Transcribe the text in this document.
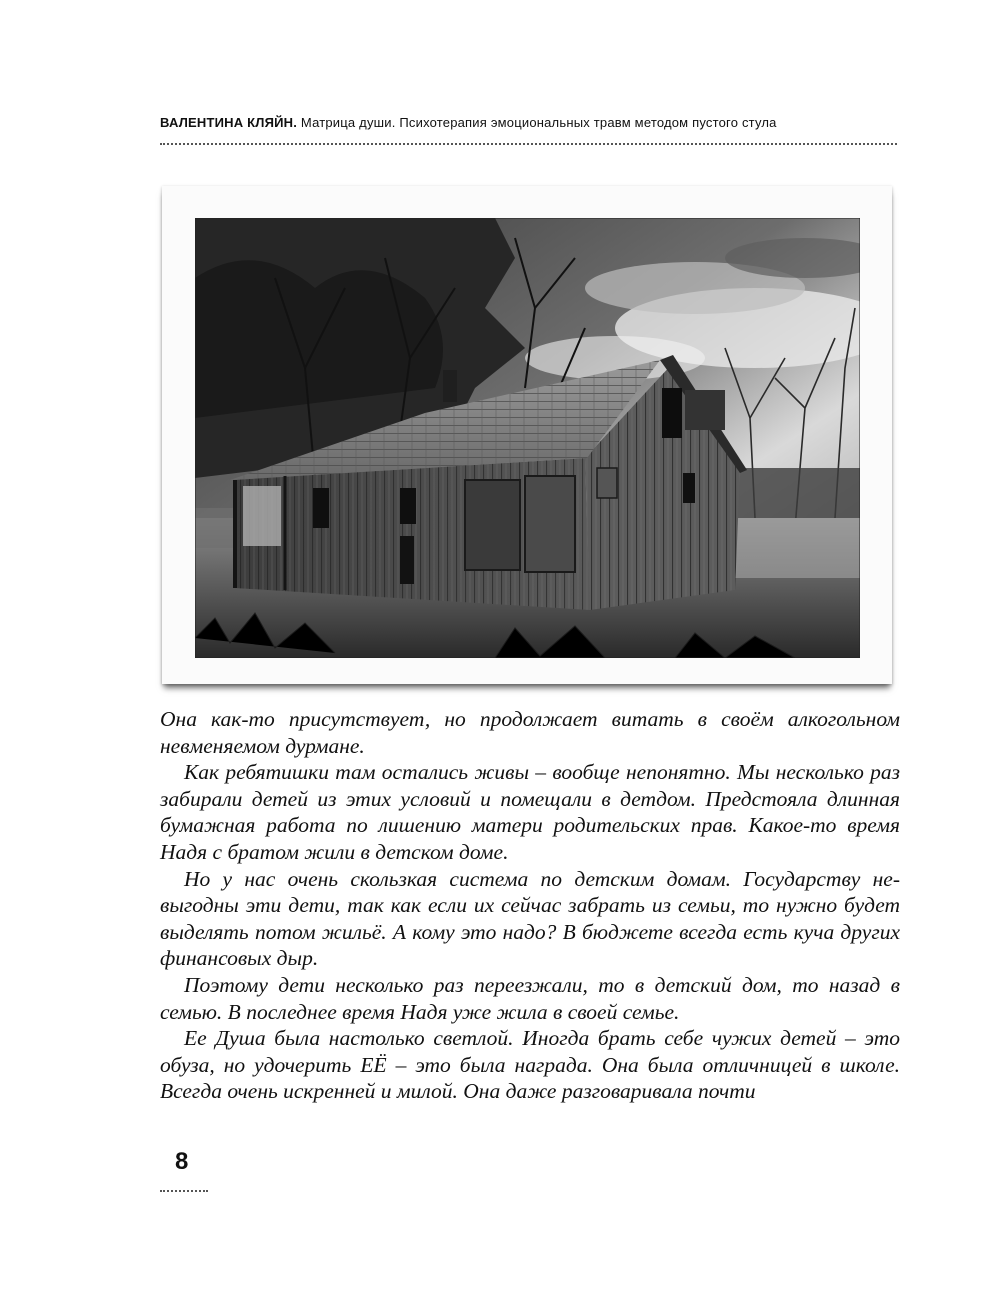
ВАЛЕНТИНА КЛЯЙН. Матрица души. Психотерапия эмоциональных травм методом пустого стула

Она как-то присутствует, но продолжает витать в своём алкогольном невменяемом дурмане.

Как ребятишки там остались живы – вообще непонятно. Мы несколько раз забирали детей из этих условий и помещали в детдом. Предстояла длинная бумажная работа по лишению матери родительских прав. Какое-то время Надя с братом жили в детском доме.

Но у нас очень скользкая система по детским домам. Государству невыгодны эти дети, так как если их сейчас забрать из семьи, то нужно будет выделять потом жильё. А кому это надо? В бюджете всегда есть куча других финансовых дыр.

Поэтому дети несколько раз переезжали, то в детский дом, то назад в семью. В последнее время Надя уже жила в своей семье.

Ее Душа была настолько светлой. Иногда брать себе чужих детей – это обуза, но удочерить ЕЁ – это была награда. Она была отличницей в школе. Всегда очень искренней и милой. Она даже разговаривала почти

8
